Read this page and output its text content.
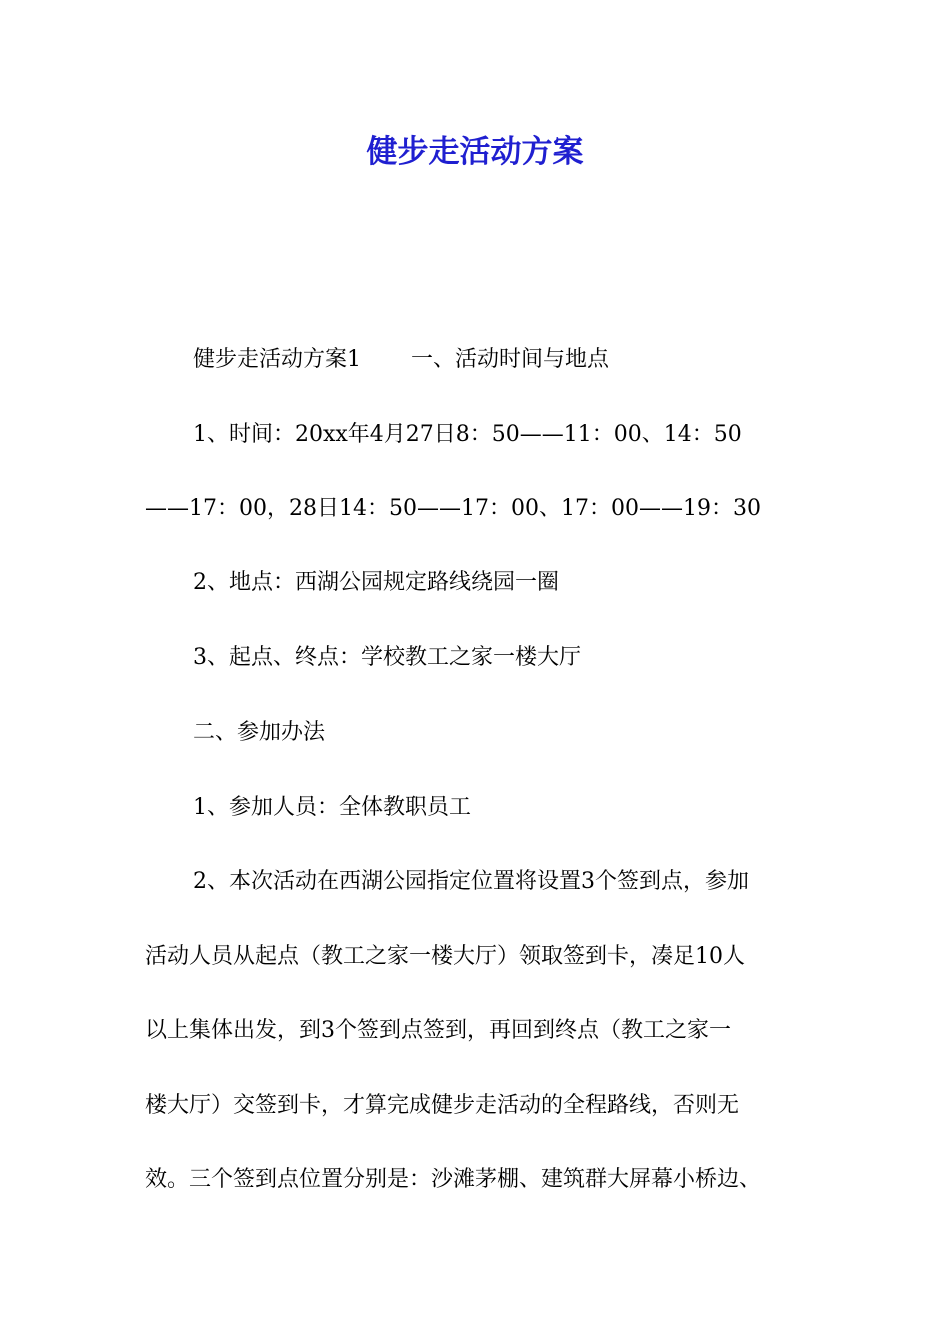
健步走活动方案
健步走活动方案1 一、活动时间与地点
1、时间：20xx年4月27日8：50——11：00、14：50
——17：00，28日14：50——17：00、17：00——19：30
2、地点：西湖公园规定路线绕园一圈
3、起点、终点：学校教工之家一楼大厅
二、参加办法
1、参加人员：全体教职员工
2、本次活动在西湖公园指定位置将设置3个签到点，参加
活动人员从起点（教工之家一楼大厅）领取签到卡，凑足10人
以上集体出发，到3个签到点签到，再回到终点（教工之家一
楼大厅）交签到卡，才算完成健步走活动的全程路线，否则无
效。三个签到点位置分别是：沙滩茅棚、建筑群大屏幕小桥边、
